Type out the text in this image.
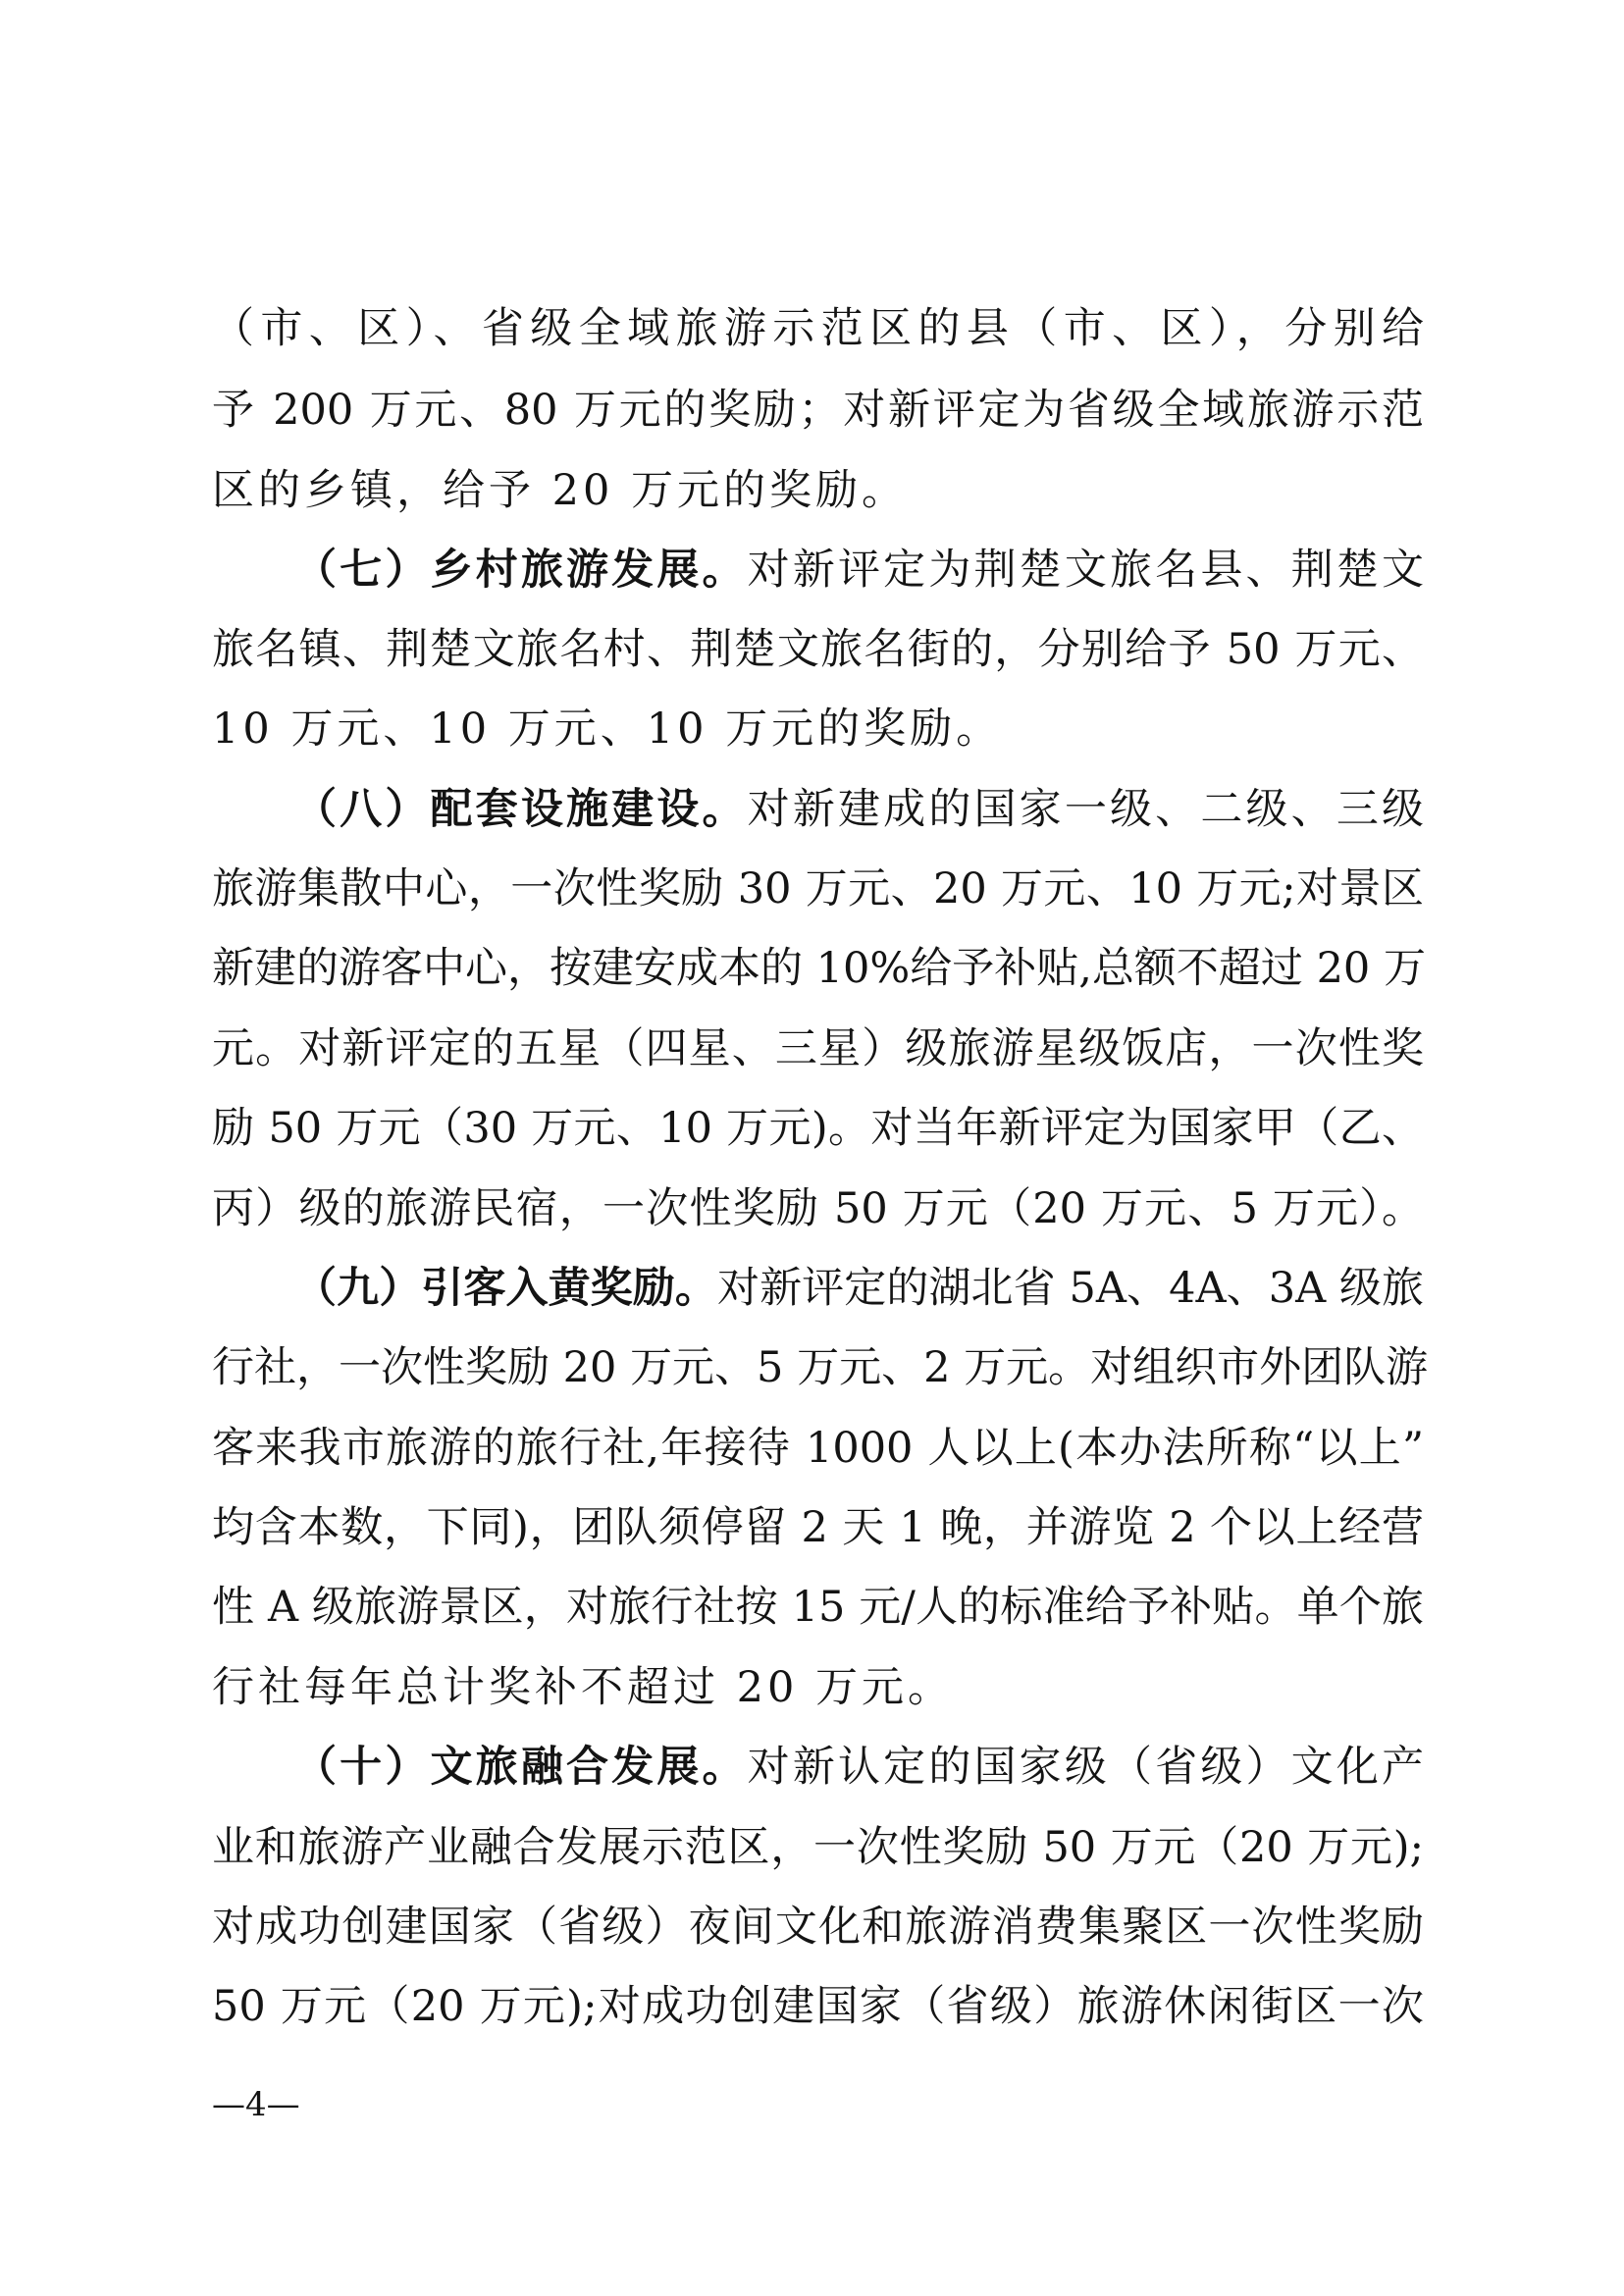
（市、区）、省级全域旅游示范区的县（市、区），分别给
予 200 万元、80 万元的奖励；对新评定为省级全域旅游示范
区的乡镇，给予 20 万元的奖励。
（七）乡村旅游发展。对新评定为荆楚文旅名县、荆楚文
旅名镇、荆楚文旅名村、荆楚文旅名街的，分别给予 50 万元、
10 万元、10 万元、10 万元的奖励。
（八）配套设施建设。对新建成的国家一级、二级、三级
旅游集散中心，一次性奖励 30 万元、20 万元、10 万元;对景区
新建的游客中心，按建安成本的 10%给予补贴,总额不超过 20 万
元。对新评定的五星（四星、三星）级旅游星级饭店，一次性奖
励 50 万元（30 万元、10 万元)。对当年新评定为国家甲（乙、
丙）级的旅游民宿，一次性奖励 50 万元（20 万元、5 万元）。
（九）引客入黄奖励。对新评定的湖北省 5A、4A、3A 级旅
行社，一次性奖励 20 万元、5 万元、2 万元。对组织市外团队游
客来我市旅游的旅行社,年接待 1000 人以上(本办法所称“以上”
均含本数，下同)，团队须停留 2 天 1 晚，并游览 2 个以上经营
性 A 级旅游景区，对旅行社按 15 元/人的标准给予补贴。单个旅
行社每年总计奖补不超过 20 万元。
（十）文旅融合发展。对新认定的国家级（省级）文化产
业和旅游产业融合发展示范区，一次性奖励 50 万元（20 万元);
对成功创建国家（省级）夜间文化和旅游消费集聚区一次性奖励
50 万元（20 万元);对成功创建国家（省级）旅游休闲街区一次
—4—
